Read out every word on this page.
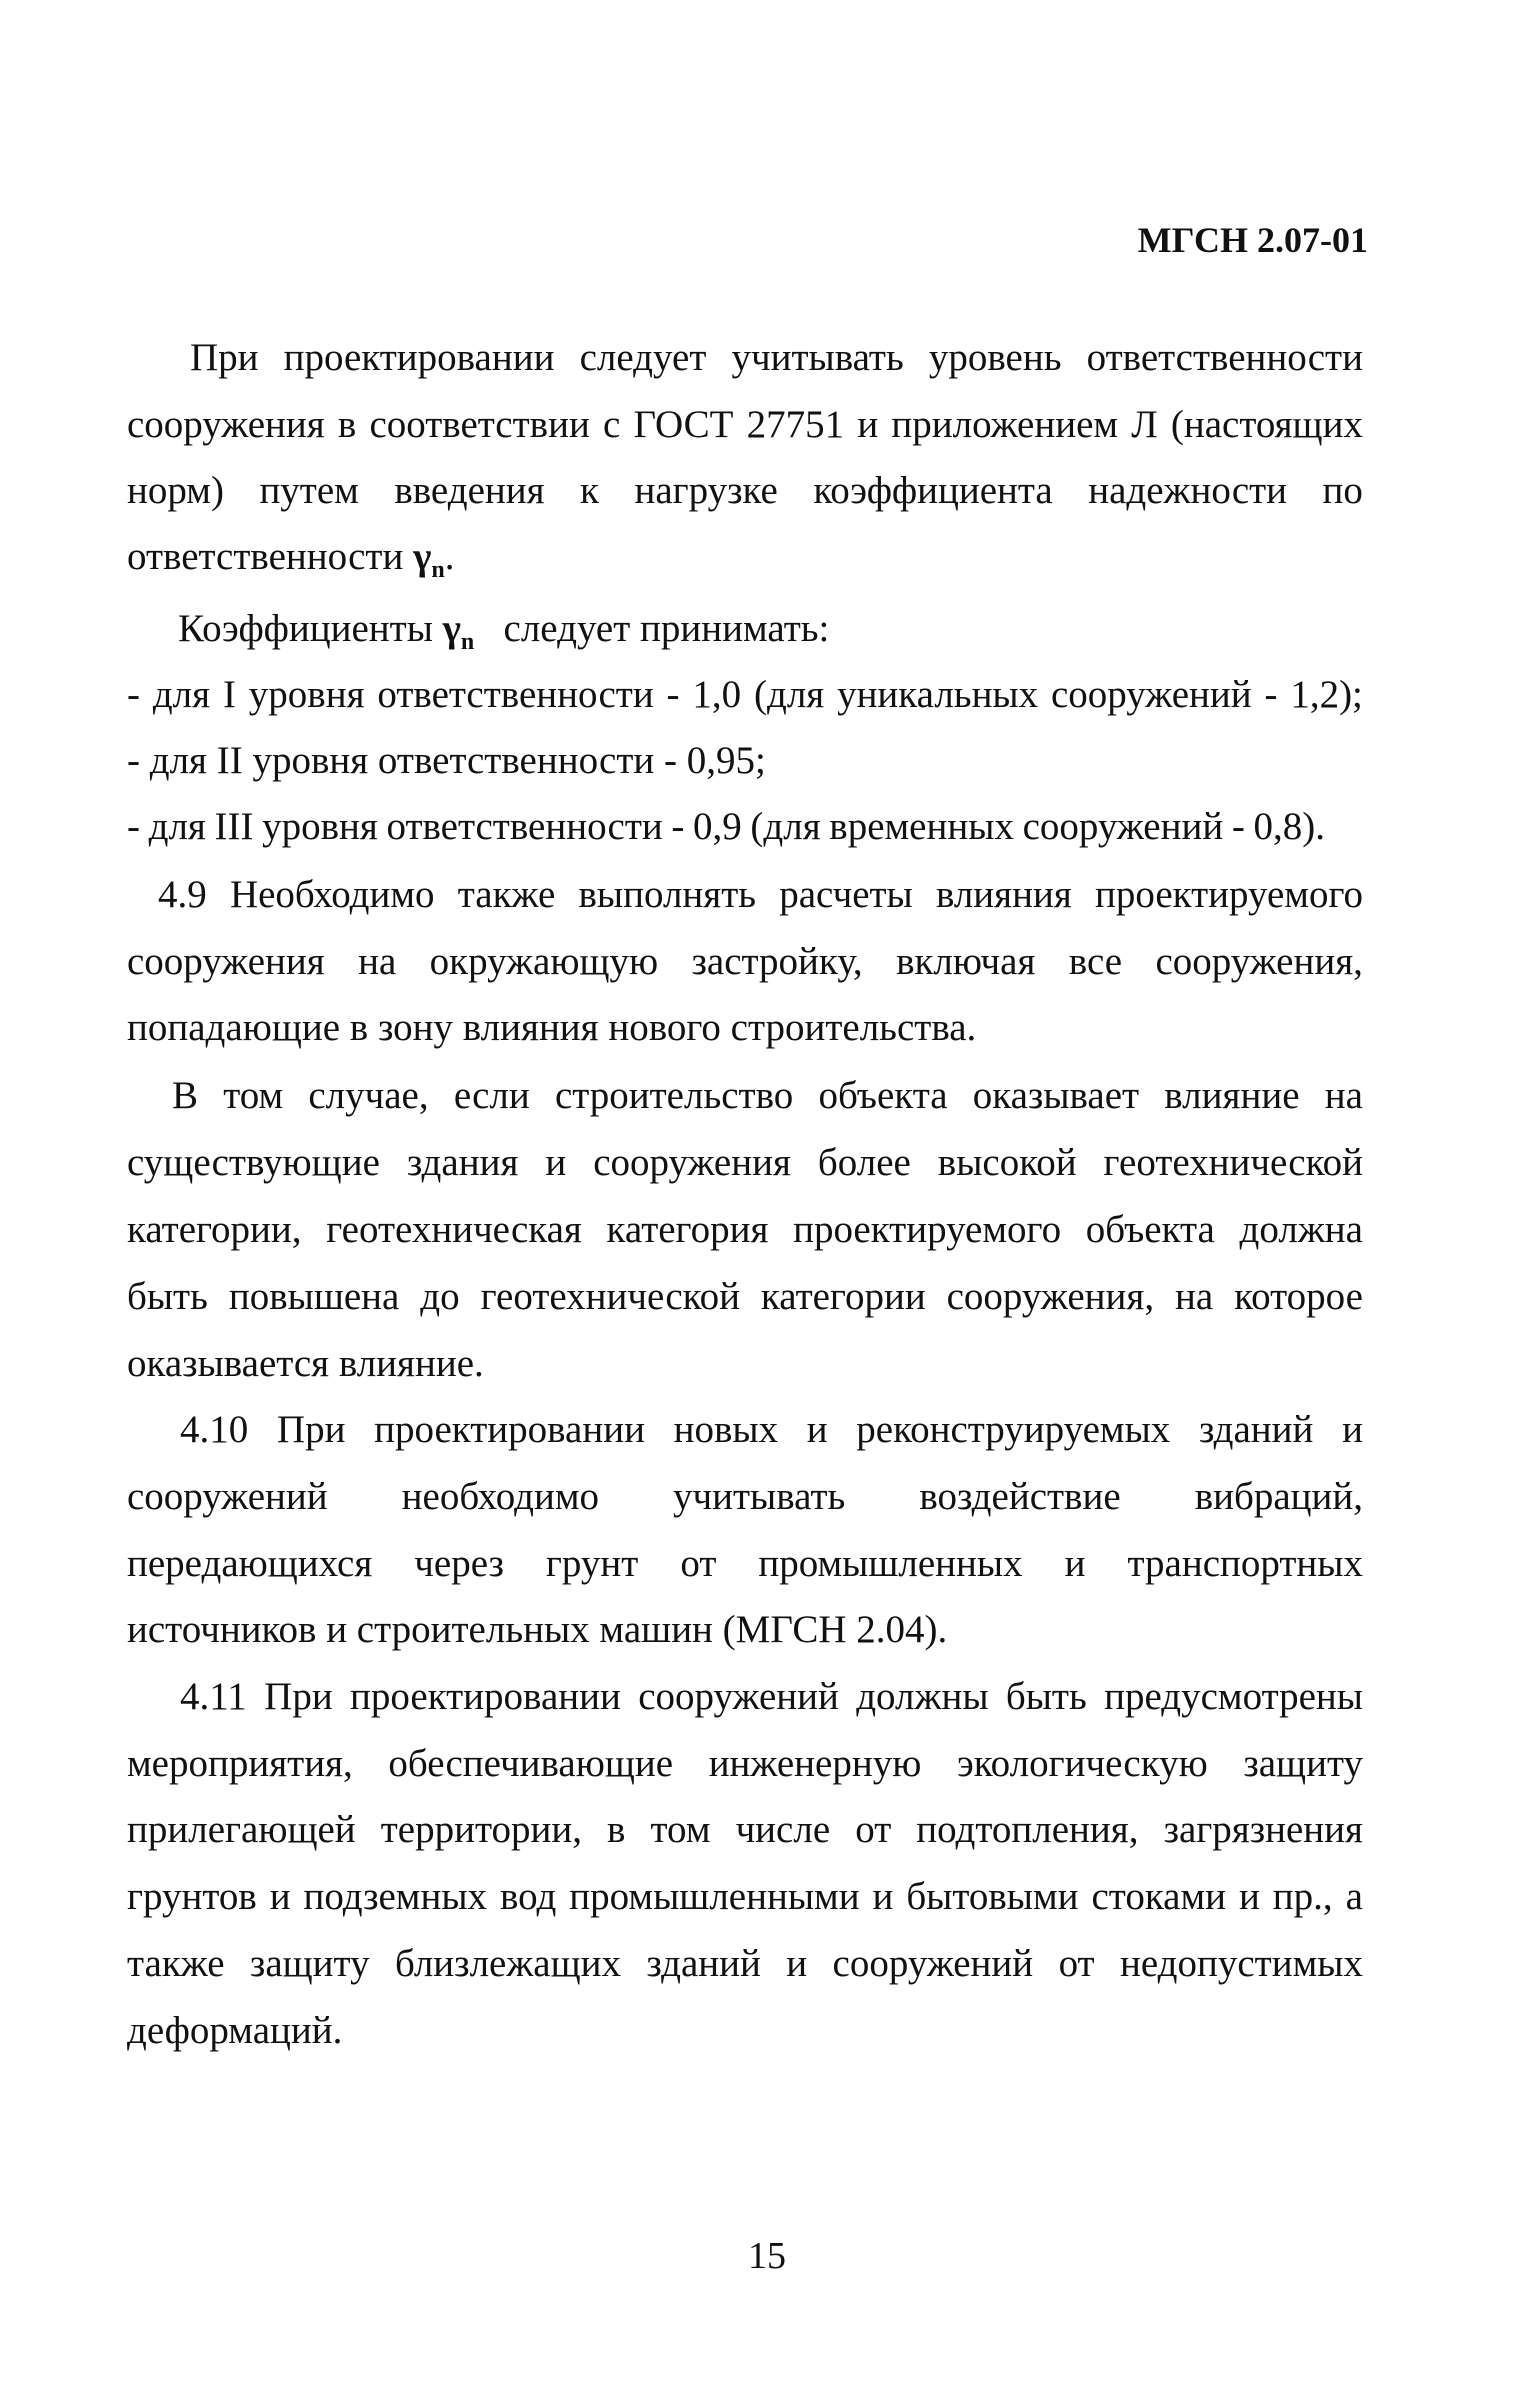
МГСН 2.07-01
При проектировании следует учитывать уровень ответственности
сооружения в соответствии с ГОСТ 27751 и приложением Л (настоящих
норм) путем введения к нагрузке коэффициента надежности по
ответственности $\gamma_n$.
Коэффициенты $\gamma_n$ следует принимать:
- для I уровня ответственности - 1,0 (для уникальных сооружений - 1,2);
- для II уровня ответственности - 0,95;
- для III уровня ответственности - 0,9 (для временных сооружений - 0,8).
4.9 Необходимо также выполнять расчеты влияния проектируемого
сооружения на окружающую застройку, включая все сооружения,
попадающие в зону влияния нового строительства.
В том случае, если строительство объекта оказывает влияние на
существующие здания и сооружения более высокой геотехнической
категории, геотехническая категория проектируемого объекта должна
быть повышена до геотехнической категории сооружения, на которое
оказывается влияние.
4.10 При проектировании новых и реконструируемых зданий и
сооружений необходимо учитывать воздействие вибраций,
передающихся через грунт от промышленных и транспортных
источников и строительных машин (МГСН 2.04).
4.11 При проектировании сооружений должны быть предусмотрены
мероприятия, обеспечивающие инженерную экологическую защиту
прилегающей территории, в том числе от подтопления, загрязнения
грунтов и подземных вод промышленными и бытовыми стоками и пр., а
также защиту близлежащих зданий и сооружений от недопустимых
деформаций.
15
